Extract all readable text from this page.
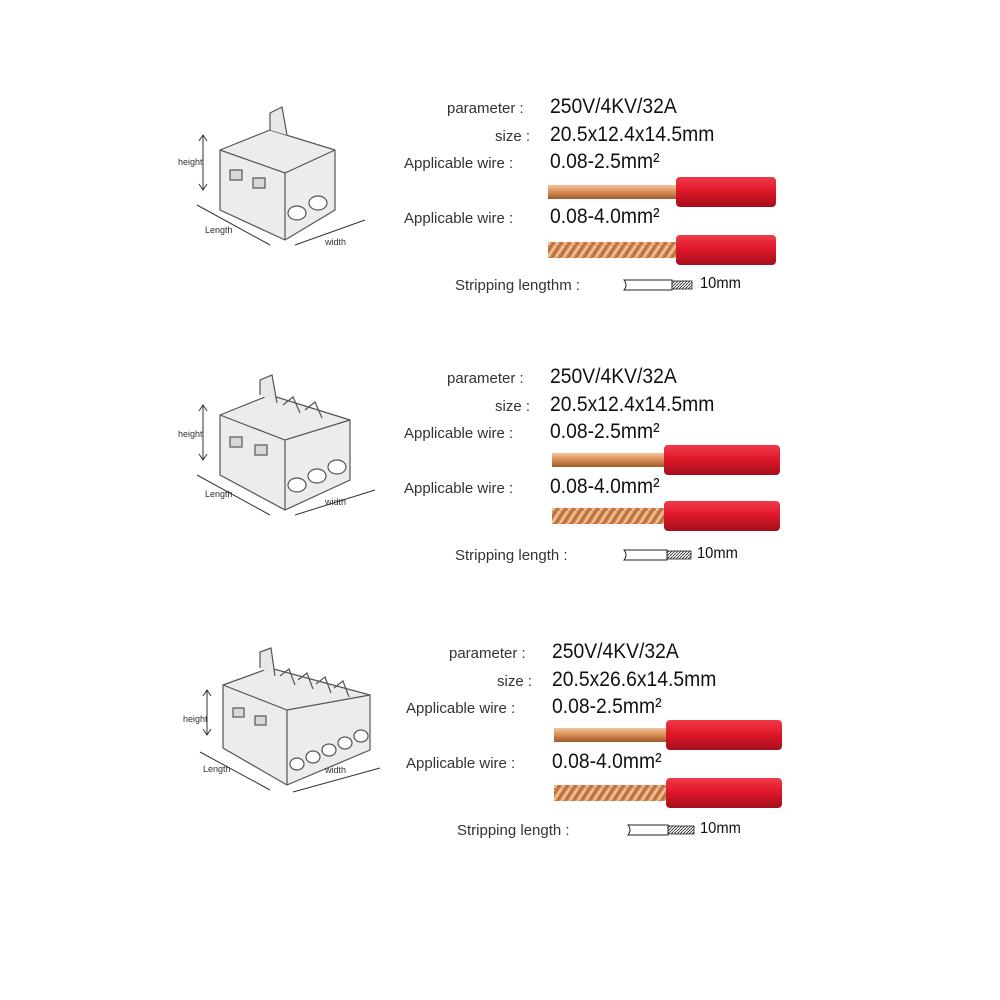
height
Length
width
parameter : 250V/4KV/32A
size : 20.5x12.4x14.5mm
Applicable wire : 0.08-2.5mm²
Applicable wire : 0.08-4.0mm²
Stripping lengthm :	10mm
height
Length
width
parameter : 250V/4KV/32A
size : 20.5x12.4x14.5mm
Applicable wire : 0.08-2.5mm²
Applicable wire : 0.08-4.0mm²
Stripping length :	10mm
height
Length	width
parameter : 250V/4KV/32A
size : 20.5x26.6x14.5mm
Applicable wire : 0.08-2.5mm²
Applicable wire : 0.08-4.0mm²
Stripping length :	10mm
